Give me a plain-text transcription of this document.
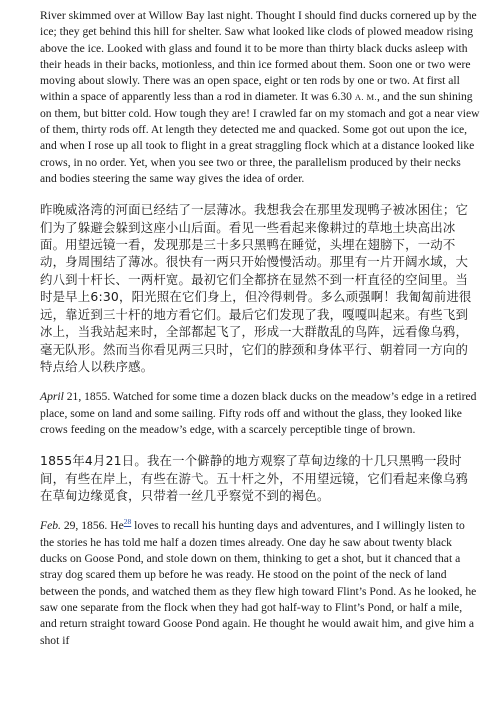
River skimmed over at Willow Bay last night. Thought I should find ducks cornered up by the ice; they get behind this hill for shelter. Saw what looked like clods of plowed meadow rising above the ice. Looked with glass and found it to be more than thirty black ducks asleep with their heads in their backs, motionless, and thin ice formed about them. Soon one or two were moving about slowly. There was an open space, eight or ten rods by one or two. At first all within a space of apparently less than a rod in diameter. It was 6.30 A. M., and the sun shining on them, but bitter cold. How tough they are! I crawled far on my stomach and got a near view of them, thirty rods off. At length they detected me and quacked. Some got out upon the ice, and when I rose up all took to flight in a great straggling flock which at a distance looked like crows, in no order. Yet, when you see two or three, the parallelism produced by their necks and bodies steering the same way gives the idea of order.

昨晚威洛湾的河面已经结了一层薄冰。我想我会在那里发现鸭子被冰困住；它们为了躲避会躲到这座小山后面。看见一些看起来像耕过的草地土块高出冰面。用望远镜一看，发现那是三十多只黑鸭在睡觉，头埋在翅膀下，一动不动，身周围结了薄冰。很快有一两只开始慢慢活动。那里有一片开阔水域，大约八到十杆长、一两杆宽。最初它们全都挤在显然不到一杆直径的空间里。当时是早上6:30，阳光照在它们身上，但冷得刺骨。多么顽强啊！我匍匐前进很远，靠近到三十杆的地方看它们。最后它们发现了我，嘎嘎叫起来。有些飞到冰上，当我站起来时，全部都起飞了，形成一大群散乱的鸟阵，远看像乌鸦，毫无队形。然而当你看见两三只时，它们的脖颈和身体平行、朝着同一方向的特点给人以秩序感。

April 21, 1855. Watched for some time a dozen black ducks on the meadow’s edge in a retired place, some on land and some sailing. Fifty rods off and without the glass, they looked like crows feeding on the meadow’s edge, with a scarcely perceptible tinge of brown.

1855年4月21日。我在一个僻静的地方观察了草甸边缘的十几只黑鸭一段时间，有些在岸上，有些在游弋。五十杆之外，不用望远镜，它们看起来像乌鸦在草甸边缘觅食，只带着一丝几乎察觉不到的褐色。

Feb. 29, 1856. He$^{28}$ loves to recall his hunting days and adventures, and I willingly listen to the stories he has told me half a dozen times already. One day he saw about twenty black ducks on Goose Pond, and stole down on them, thinking to get a shot, but it chanced that a stray dog scared them up before he was ready. He stood on the point of the neck of land between the ponds, and watched them as they flew high toward Flint’s Pond. As he looked, he saw one separate from the flock when they had got half-way to Flint’s Pond, or half a mile, and return straight toward Goose Pond again. He thought he would await him, and give him a shot if
